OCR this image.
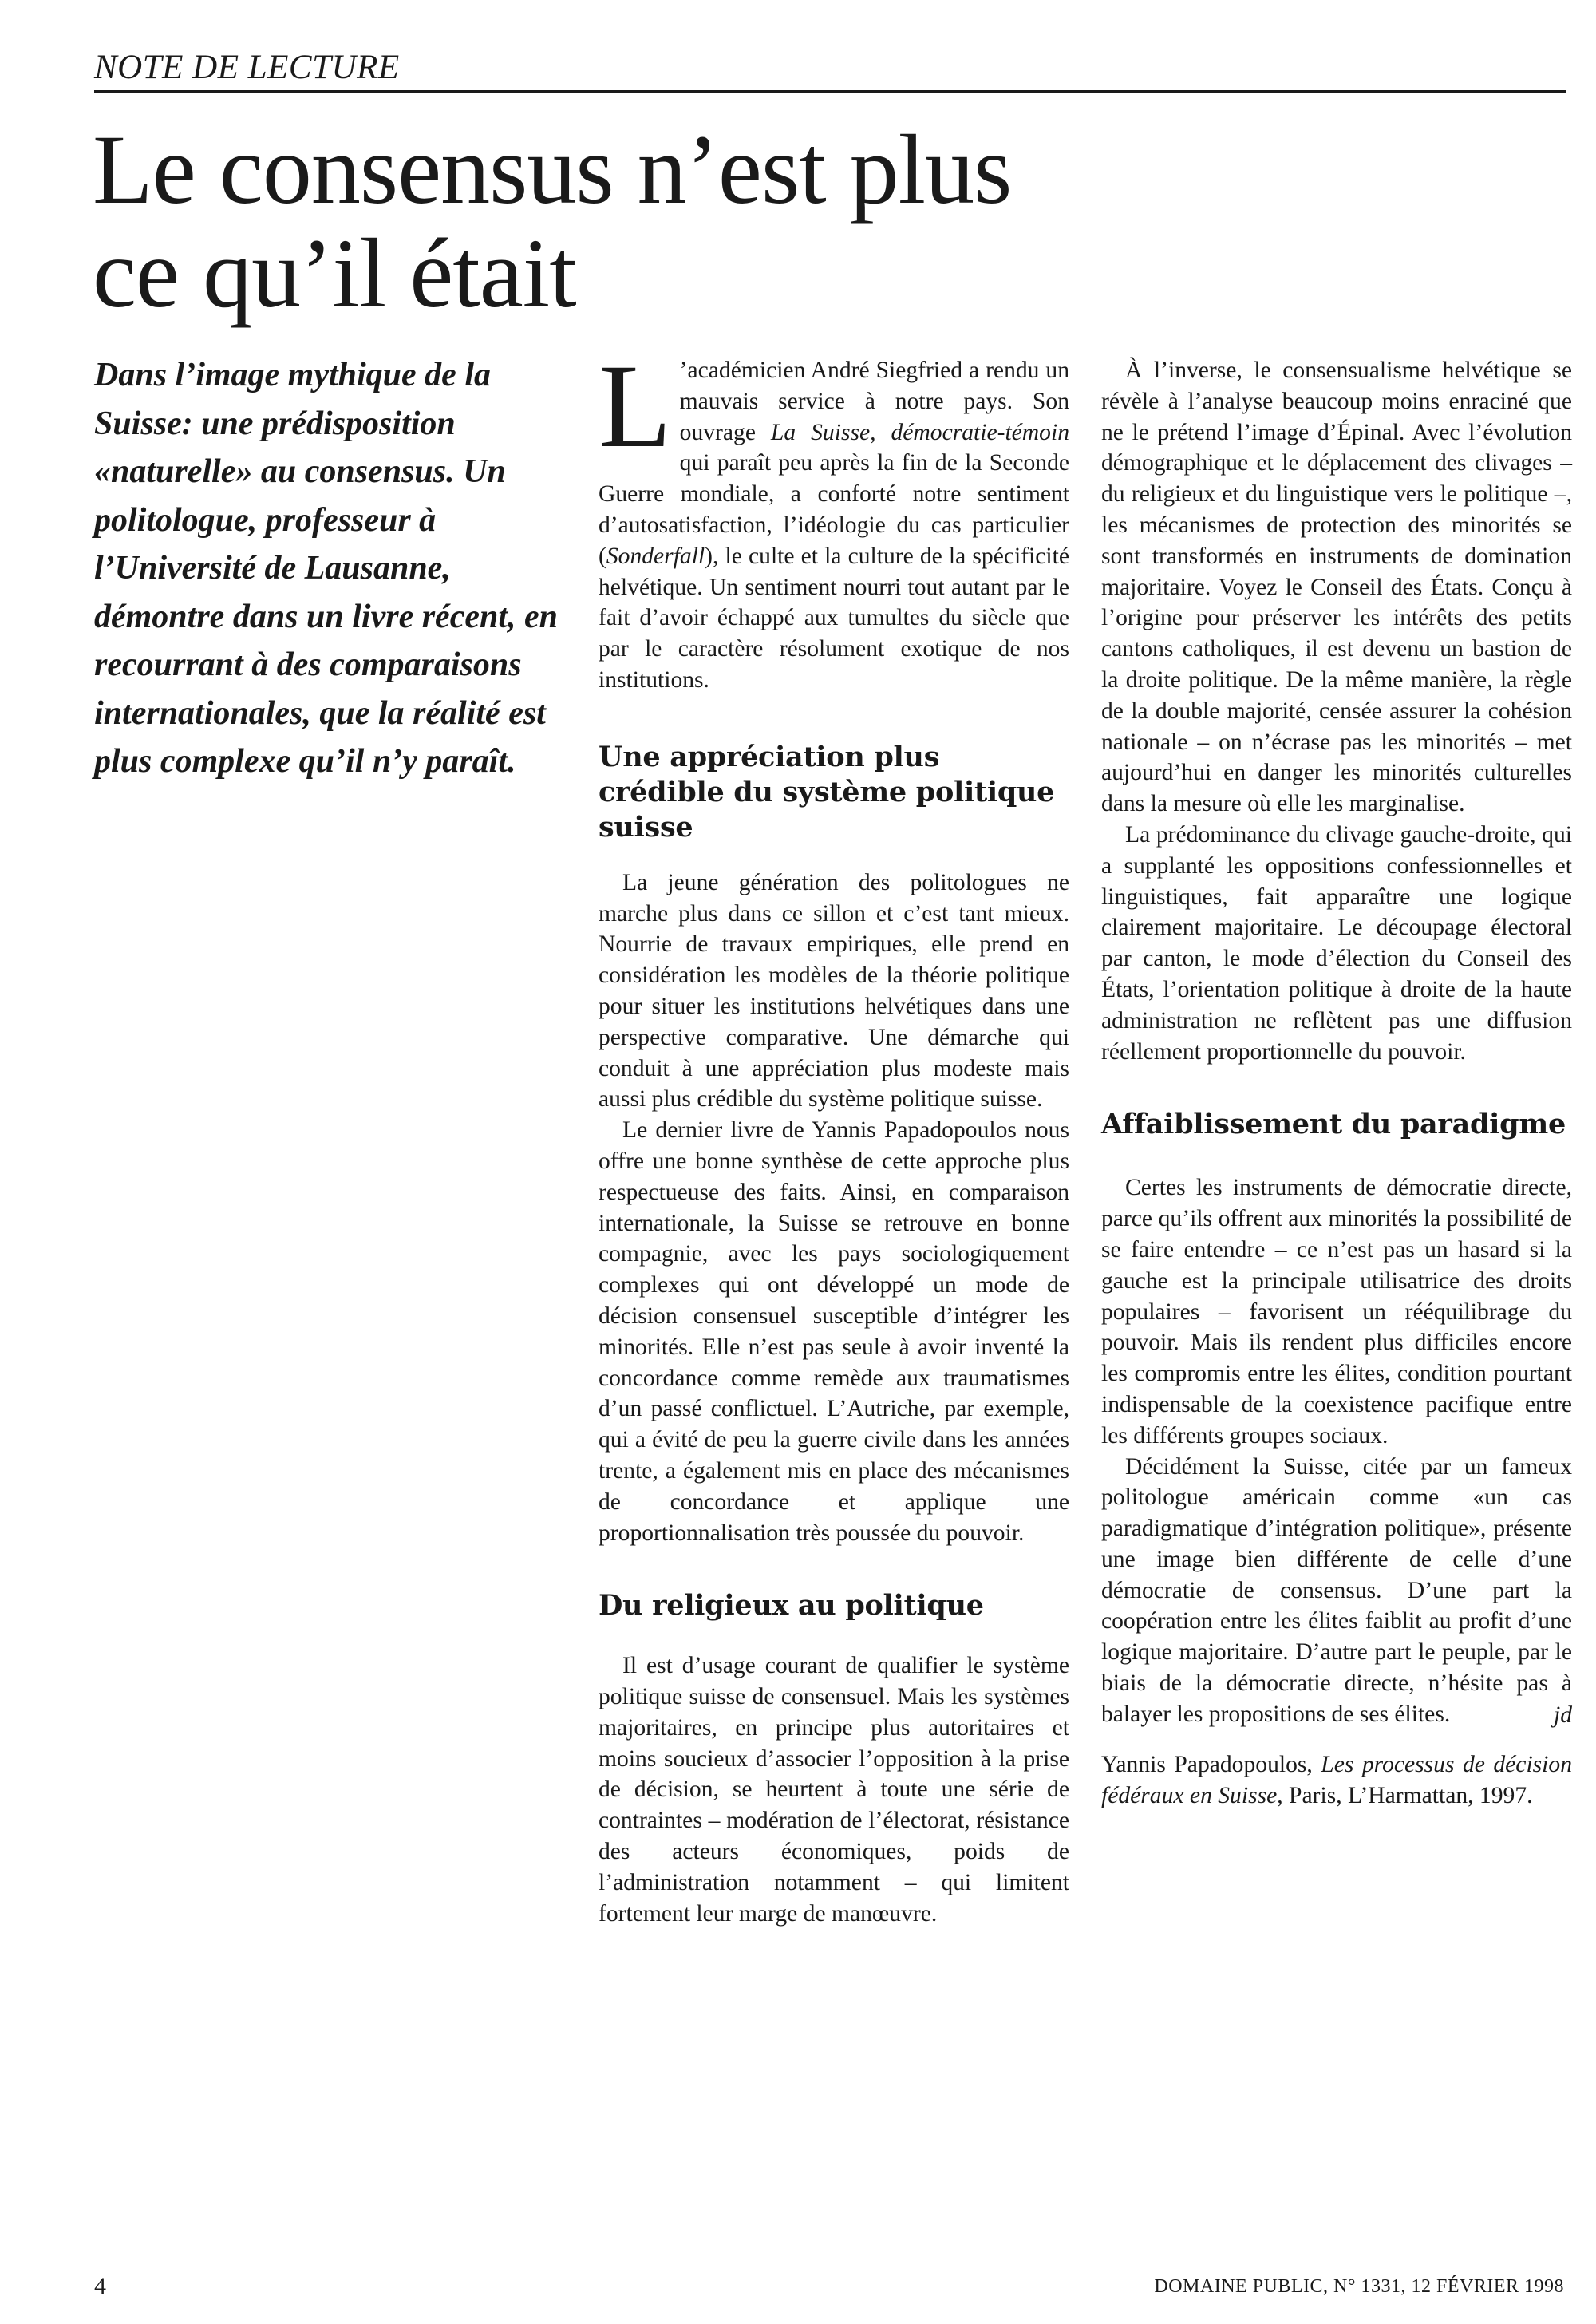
NOTE DE LECTURE
Le consensus n’est plus
ce qu’il était

Dans l’image mythique de la Suisse: une prédisposition «naturelle» au consensus. Un politologue, professeur à l’Université de Lausanne, démontre dans un livre récent, en recourrant à des comparaisons internationales, que la réalité est plus complexe qu’il n’y paraît.

L ’académicien André Siegfried a rendu un mauvais service à notre pays. Son ouvrage La Suisse, démocratie-témoin qui paraît peu après la fin de la Seconde Guerre mondiale, a conforté notre sentiment d’autosatisfaction, l’idéologie du cas particulier (Sonderfall), le culte et la culture de la spécificité helvétique. Un sentiment nourri tout autant par le fait d’avoir échappé aux tumultes du siècle que par le caractère résolument exotique de nos institutions.

Une appréciation plus crédible du système politique suisse

La jeune génération des politologues ne marche plus dans ce sillon et c’est tant mieux. Nourrie de travaux empiriques, elle prend en considération les modèles de la théorie politique pour situer les institutions helvétiques dans une perspective comparative. Une démarche qui conduit à une appréciation plus modeste mais aussi plus crédible du système politique suisse.

Le dernier livre de Yannis Papadopoulos nous offre une bonne synthèse de cette approche plus respectueuse des faits. Ainsi, en comparaison internationale, la Suisse se retrouve en bonne compagnie, avec les pays sociologiquement complexes qui ont développé un mode de décision consensuel susceptible d’intégrer les minorités. Elle n’est pas seule à avoir inventé la concordance comme remède aux traumatismes d’un passé conflictuel. L’Autriche, par exemple, qui a évité de peu la guerre civile dans les années trente, a également mis en place des mécanismes de concordance et applique une proportionnalisation très poussée du pouvoir.

Du religieux au politique

Il est d’usage courant de qualifier le système politique suisse de consensuel. Mais les systèmes majoritaires, en principe plus autoritaires et moins soucieux d’associer l’opposition à la prise de décision, se heurtent à toute une série de contraintes – modération de l’électorat, résistance des acteurs économiques, poids de l’administration notamment – qui limitent fortement leur marge de manœuvre.

À l’inverse, le consensualisme helvétique se révèle à l’analyse beaucoup moins enraciné que ne le prétend l’image d’Épinal. Avec l’évolution démographique et le déplacement des clivages – du religieux et du linguistique vers le politique –, les mécanismes de protection des minorités se sont transformés en instruments de domination majoritaire. Voyez le Conseil des États. Conçu à l’origine pour préserver les intérêts des petits cantons catholiques, il est devenu un bastion de la droite politique. De la même manière, la règle de la double majorité, censée assurer la cohésion nationale – on n’écrase pas les minorités – met aujourd’hui en danger les minorités culturelles dans la mesure où elle les marginalise.

La prédominance du clivage gauche-droite, qui a supplanté les oppositions confessionnelles et linguistiques, fait apparaître une logique clairement majoritaire. Le découpage électoral par canton, le mode d’élection du Conseil des États, l’orientation politique à droite de la haute administration ne reflètent pas une diffusion réellement proportionnelle du pouvoir.

Affaiblissement du paradigme

Certes les instruments de démocratie directe, parce qu’ils offrent aux minorités la possibilité de se faire entendre – ce n’est pas un hasard si la gauche est la principale utilisatrice des droits populaires – favorisent un rééquilibrage du pouvoir. Mais ils rendent plus difficiles encore les compromis entre les élites, condition pourtant indispensable de la coexistence pacifique entre les différents groupes sociaux.

Décidément la Suisse, citée par un fameux politologue américain comme «un cas paradigmatique d’intégration politique», présente une image bien différente de celle d’une démocratie de consensus. D’une part la coopération entre les élites faiblit au profit d’une logique majoritaire. D’autre part le peuple, par le biais de la démocratie directe, n’hésite pas à balayer les propositions de ses élites.	jd

Yannis Papadopoulos, Les processus de décision fédéraux en Suisse, Paris, L’Harmattan, 1997.

4	DOMAINE PUBLIC, N° 1331, 12 FÉVRIER 1998
